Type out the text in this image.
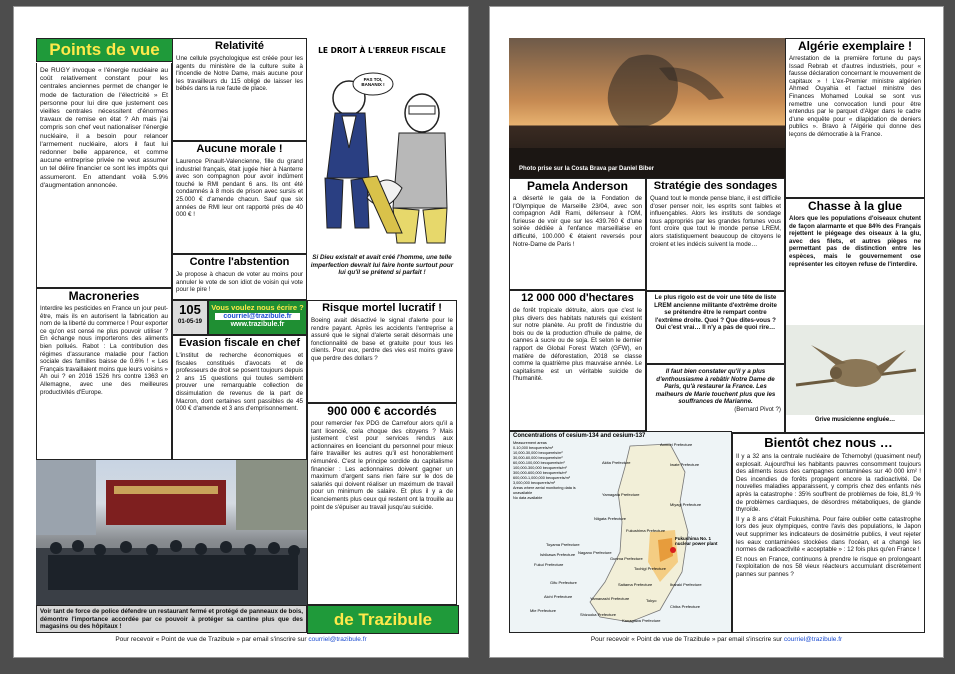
Points de vue
De RUGY invoque « l'énergie nucléaire au coût relativement constant pour les centrales anciennes permet de changer le mode de facturation de l'électricité » Et personne pour lui dire que justement ces vieilles centrales nécessitent d'énormes travaux de remise en état ? Ah mais j'ai compris son chef veut nationaliser l'énergie nucléaire, il a besoin pour relancer l'armement nucléaire, alors il faut lui redonner belle apparence, et comme aucune entreprise privée ne veut assumer un tel délire financier ce sont les impôts qui assumeront. En attendant voilà 5.9% d'augmentation annoncée.
Macroneries
Interdire les pesticides en France un jour peut-être, mais ils en autorisent la fabrication au nom de la liberté du commerce ! Pour exporter ce qu'on est censé ne plus pouvoir utiliser ? En échange nous importerons des aliments bien pollués. Rabot : La contribution des régimes d'assurance maladie pour l'action sociale des familles baisse de 0.6% ! « Les Français travaillaient moins que leurs voisins » Ah oui ? en 2016 1526 hrs contre 1363 en Allemagne, avec une des meilleures productivités d'Europe.
Relativité
Une cellule psychologique est créée pour les agents du ministère de la culture suite à l'incendie de Notre Dame, mais aucune pour les travailleurs du 115 obligé de laisser les bébés dans la rue faute de place.
Aucune morale !
Laurence Pinault-Valencienne, fille du grand industriel français, était jugée hier à Nanterre avec son compagnon pour avoir indûment touché le RMI pendant 6 ans. Ils ont été condamnés à 8 mois de prison avec sursis et 25.000 € d'amende chacun. Sauf que six années de RMI leur ont rapporté près de 40 000 € !
Contre l'abstention
Je propose à chacun de voter au moins pour annuler le vote de son idiot de voisin qui vote pour le pire !
105
01-05-19
Vous voulez nous écrire ?
courriel@trazibule.fr
www.trazibule.fr
Evasion fiscale en chef
L'institut de recherche économiques et fiscales constitués d'avocats et de professeurs de droit se posent toujours depuis 2 ans 15 questions qui toutes semblent prouver une remarquable collection de dissimulation de revenus de la part de Macron, dont certaines sont passibles de 45 000 € d'amende et 3 ans d'emprisonnement.
LE DROIT À L'ERREUR FISCALE
PAS TOI, BANANIX !
Si Dieu existait et avait créé l'homme, une telle imperfection devrait lui faire honte surtout pour lui qu'il se prétend si parfait !
Risque mortel lucratif !
Boeing avait désactivé le signal d'alerte pour le rendre payant. Après les accidents l'entreprise a assuré que le signal d'alerte serait désormais une fonctionnalité de base et gratuite pour tous les clients. Pour eux, perdre des vies est moins grave que perdre des dollars ?
900 000 € accordés
pour remercier l'ex PDG de Carrefour alors qu'il a tant licencié, cela choque des citoyens ? Mais justement c'est pour services rendus aux actionnaires en licenciant du personnel pour mieux faire travailler les autres qu'il est honorablement rémunéré. C'est le principe sordide du capitalisme financier : Les actionnaires doivent gagner un maximum d'argent sans rien faire sur le dos de salariés qui doivent réaliser un maximum de travail pour un minimum de salaire. Et plus il y a de licenciements plus ceux qui restent ont la trouille au point de s'épuiser au travail jusqu'au suicide.
Voir tant de force de police défendre un restaurant fermé et protégé de panneaux de bois, démontre l'importance accordée par ce pouvoir à protéger sa cantine plus que des magasins ou des hôpitaux !	de Trazibule
Pour recevoir « Point de vue de Trazibule » par email s'inscrire sur courriel@trazibule.fr
Photo prise sur la Costa Brava par Daniel Biber
Algérie exemplaire !
Arrestation de la première fortune du pays Issad Rebrab et d'autres industriels, pour « fausse déclaration concernant le mouvement de capitaux » ! L'ex-Premier ministre algérien Ahmed Ouyahia et l'actuel ministre des Finances Mohamed Loukal se sont vus remettre une convocation lundi pour être entendus par le parquet d'Alger dans le cadre d'une enquête pour « dilapidation de deniers publics ». Bravo à l'Algérie qui donne des leçons de démocratie à la France.
Chasse à la glue
Alors que les populations d'oiseaux chutent de façon alarmante et que 84% des Français rejettent le piégeage des oiseaux à la glu, avec des filets, et autres pièges ne permettant pas de distinction entre les espèces, mais le gouvernement ose représenter les citoyen refuse de l'interdire.
Grive musicienne engluée…
Pamela Anderson
a déserté le gala de la Fondation de l'Olympique de Marseille 23/04, avec son compagnon Adil Rami, défenseur à l'OM, furieuse de voir que sur les 439.760 € d'une soirée dédiée à l'enfance marseillaise en difficulté, 100.000 € étaient reversés pour Notre-Dame de Paris !
Stratégie des sondages
Quand tout le monde pense blanc, il est difficile d'oser penser noir, les esprits sont faibles et influençables. Alors les instituts de sondage tous appropriés par les grandes fortunes vous font croire que tout le monde pense LREM, alors statistiquement beaucoup de citoyens le croient et les indécis suivent la mode…
12 000 000 d'hectares
de forêt tropicale détruite, alors que c'est le plus divers des habitats naturels qui existent sur notre planète. Au profit de l'industrie du bois ou de la production d'huile de palme, de cannes à sucre ou de soja. Et selon le dernier rapport de Global Forest Watch (GFW), en matière de déforestation, 2018 se classe comme la quatrième plus mauvaise année. Le capitalisme est un véritable suicide de l'humanité.
Le plus rigolo est de voir une tête de liste LREM ancienne militante d'extrême droite se prétendre être le rempart contre l'extrême droite. Quoi ? Que dites-vous ? Oui c'est vrai… Il n'y a pas de quoi rire…
Il faut bien constater qu'il y a plus d'enthousiasme à rebâtir Notre Dame de Paris, qu'à restaurer la France. Les malheurs de Marie touchent plus que les souffrances de Marianne.
(Bernard Pivot ?)
Concentrations of cesium-134 and cesium-137
Measurement areas
0-10,000 becquerels/m²
10,000-30,000 becquerels/m²
30,000-60,000 becquerels/m²
60,000-100,000 becquerels/m²
100,000-300,000 becquerels/m²
300,000-600,000 becquerels/m²
600,000-1,000,000 becquerels/m²
3,000,000 becquerels/m²
Areas where aerial monitoring data is unavailable
No data available
Fukushima No. 1 nuclear power plant
Aomori Prefecture
Iwate Prefecture
Akita Prefecture
Yamagata Prefecture
Miyagi Prefecture
Fukushima Prefecture
Niigata Prefecture
Toyama Prefecture
Ishikawa Prefecture
Fukui Prefecture
Nagano Prefecture
Gunma Prefecture
Tochigi Prefecture
Ibaraki Prefecture
Gifu Prefecture	Saitama Prefecture
Aichi Prefecture	Yamanashi Prefecture	Tokyo
Chiba Prefecture
Mie Prefecture
Shizuoka Prefecture
Kanagawa Prefecture
Bientôt chez nous …
Il y a 32 ans la centrale nucléaire de Tchernobyl (quasiment neuf) explosait. Aujourd'hui les habitants pauvres consomment toujours des aliments issus des campagnes contaminées sur 40 000 km² ! Des incendies de forêts propagent encore la radioactivité. De nouvelles maladies apparaissent, y compris chez des enfants nés après la catastrophe : 35% souffrent de problèmes de foie, 81,9 % de problèmes cardiaques, de désordres métaboliques, de glande thyroïde.
Il y a 8 ans c'était Fukushima. Pour faire oublier cette catastrophe lors des jeux olympiques, contre l'avis des populations, le Japon veut supprimer les indicateurs de dosimétrie publics, il veut rejeter les eaux contaminées stockées dans l'océan, et a changé les normes de radioactivité « acceptable » : 12 fois plus qu'en France !
Et nous en France, continuons à prendre le risque en prolongeant l'exploitation de nos 58 vieux réacteurs accumulant discrètement pannes sur pannes ?
Pour recevoir « Point de vue de Trazibule » par email s'inscrire sur courriel@trazibule.fr
